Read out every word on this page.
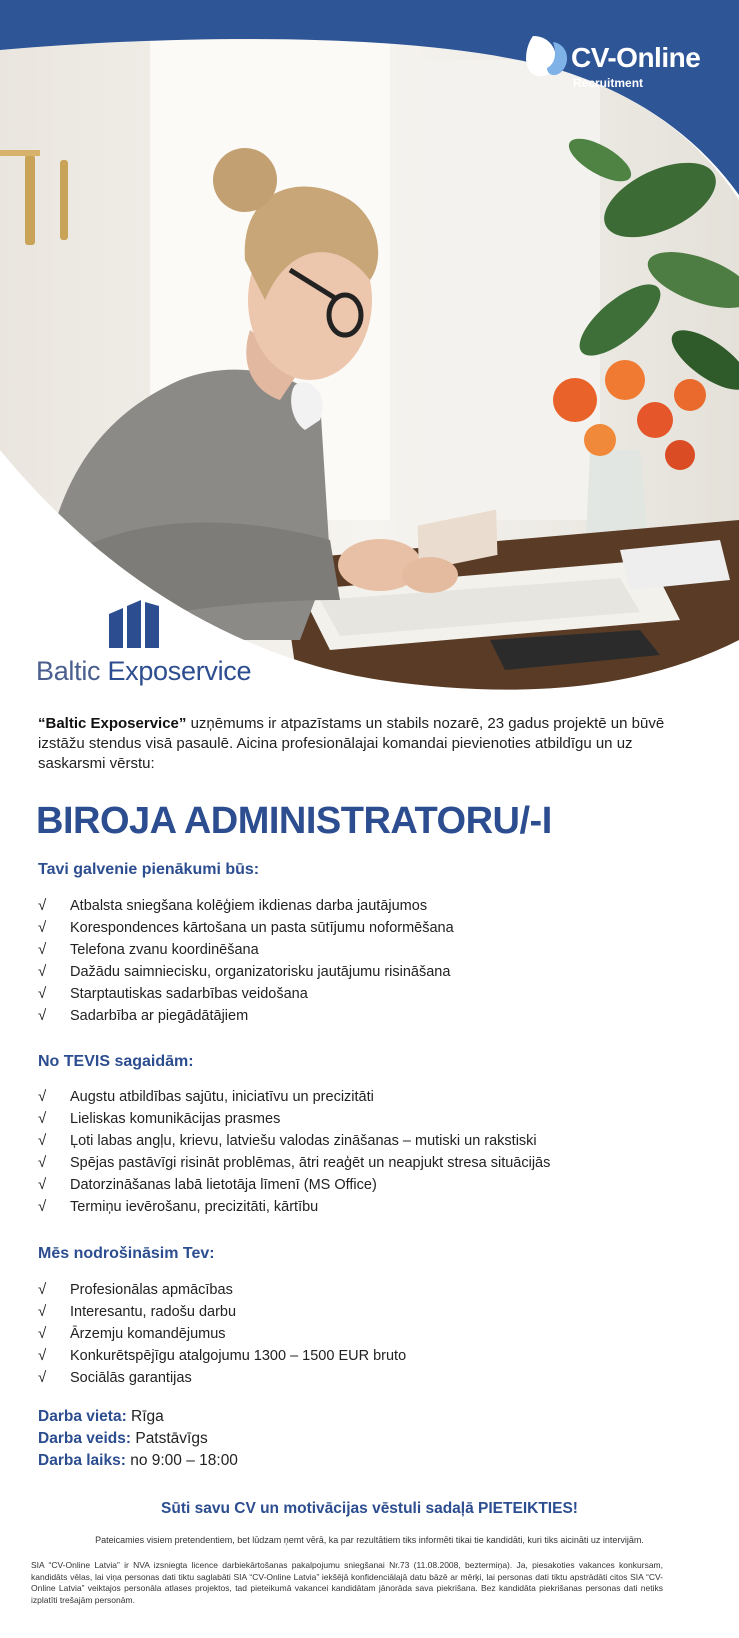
CV-Online
Recruitment
Baltic Exposervice

“Baltic Exposervice” uzņēmums ir atpazīstams un stabils nozarē, 23 gadus projektē un būvē izstāžu stendus visā pasaulē. Aicina profesionālajai komandai pievienoties atbildīgu un uz saskarsmi vērstu:

BIROJA ADMINISTRATORU/-I
Tavi galvenie pienākumi būs:
√ Atbalsta sniegšana kolēģiem ikdienas darba jautājumos
√ Korespondences kārtošana un pasta sūtījumu noformēšana
√ Telefona zvanu koordinēšana
√ Dažādu saimniecisku, organizatorisku jautājumu risināšana
√ Starptautiskas sadarbības veidošana
√ Sadarbība ar piegādātājiem
No TEVIS sagaidām:
√ Augstu atbildības sajūtu, iniciatīvu un precizitāti
√ Lieliskas komunikācijas prasmes
√ Ļoti labas angļu, krievu, latviešu valodas zināšanas – mutiski un rakstiski
√ Spējas pastāvīgi risināt problēmas, ātri reaģēt un neapjukt stresa situācijās
√ Datorzināšanas labā lietotāja līmenī (MS Office)
√ Termiņu ievērošanu, precizitāti, kārtību
Mēs nodrošināsim Tev:
√ Profesionālas apmācības
√ Interesantu, radošu darbu
√ Ārzemju komandējumus
√ Konkurētspējīgu atalgojumu 1300 – 1500 EUR bruto
√ Sociālās garantijas
Darba vieta: Rīga
Darba veids: Patstāvīgs
Darba laiks: no 9:00 – 18:00
Sūti savu CV un motivācijas vēstuli sadaļā PIETEIKTIES!
Pateicamies visiem pretendentiem, bet lūdzam ņemt vērā, ka par rezultātiem tiks informēti tikai tie kandidāti, kuri tiks aicināti uz intervijām.

SIA “CV-Online Latvia” ir NVA izsniegta licence darbiekārtošanas pakalpojumu sniegšanai Nr.73 (11.08.2008, beztermiņa). Ja, piesakoties vakances konkursam, kandidāts vēlas, lai viņa personas dati tiktu saglabāti SIA “CV-Online Latvia” iekšējā konfidenciālajā datu bāzē ar mērķi, lai personas dati tiktu apstrādāti citos SIA “CV-Online Latvia” veiktajos personāla atlases projektos, tad pieteikumā vakancei kandidātam jānorāda sava piekrišana. Bez kandidāta piekrišanas personas dati netiks izplatīti trešajām personām.
